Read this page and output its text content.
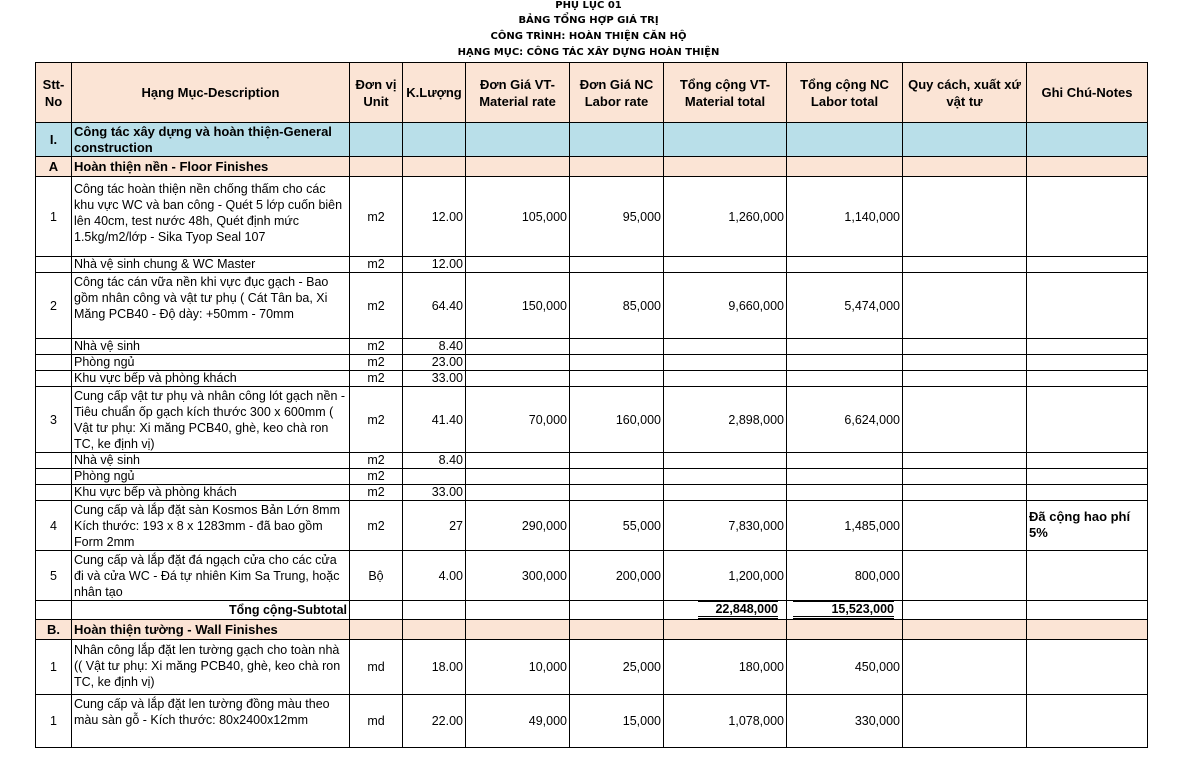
PHỤ LỤC 01
BẢNG TỔNG HỢP GIÁ TRỊ
CÔNG TRÌNH: HOÀN THIỆN CĂN HỘ
HẠNG MỤC: CÔNG TÁC XÂY DỰNG HOÀN THIỆN
Stt-No	Hạng Mục-Description	Đơn vị Unit	K.Lượng	Đơn Giá VT-Material rate	Đơn Giá NC Labor rate	Tổng cộng VT-Material total	Tổng cộng NC Labor total	Quy cách, xuất xứ vật tư	Ghi Chú-Notes
I.	Công tác xây dựng và hoàn thiện-General construction								
A	Hoàn thiện nền - Floor Finishes								
1	Công tác hoàn thiện nền chống thấm cho các khu vực WC và ban công - Quét 5 lớp cuốn biên lên 40cm, test nước 48h, Quét định mức 1.5kg/m2/lớp - Sika Tyop Seal 107	m2	12.00	105,000	95,000	1,260,000	1,140,000		
	Nhà vệ sinh chung & WC Master	m2	12.00						
2	Công tác cán vữa nền khi vực đục gạch - Bao gồm nhân công và vật tư phụ ( Cát Tân ba, Xi Măng PCB40 - Độ dày: +50mm - 70mm	m2	64.40	150,000	85,000	9,660,000	5,474,000		
	Nhà vệ sinh	m2	8.40						
	Phòng ngủ	m2	23.00						
	Khu vực bếp và phòng khách	m2	33.00						
3	Cung cấp vật tư phụ và nhân công lót gạch nền - Tiêu chuẩn ốp gạch kích thước 300 x 600mm ( Vật tư phụ: Xi măng PCB40, ghè, keo chà ron TC, ke định vị)	m2	41.40	70,000	160,000	2,898,000	6,624,000		
	Nhà vệ sinh	m2	8.40						
	Phòng ngủ	m2							
	Khu vực bếp và phòng khách	m2	33.00						
4	Cung cấp và lắp đặt sàn Kosmos Bản Lớn 8mm Kích thước: 193 x 8 x 1283mm - đã bao gồm Form 2mm	m2	27	290,000	55,000	7,830,000	1,485,000		Đã cộng hao phí 5%
5	Cung cấp và lắp đặt đá ngạch cửa cho các cửa đi và cửa WC - Đá tự nhiên Kim Sa Trung, hoặc nhân tạo	Bộ	4.00	300,000	200,000	1,200,000	800,000		
	Tổng cộng-Subtotal					22,848,000	15,523,000		

B.	Hoàn thiện tường - Wall Finishes								
1	Nhân công lắp đặt len tường gạch cho toàn nhà (( Vật tư phụ: Xi măng PCB40, ghè, keo chà ron TC, ke định vị)	md	18.00	10,000	25,000	180,000	450,000		
1	Cung cấp và lắp đặt len tường đồng màu theo màu sàn gỗ - Kích thước: 80x2400x12mm	md	22.00	49,000	15,000	1,078,000	330,000		
